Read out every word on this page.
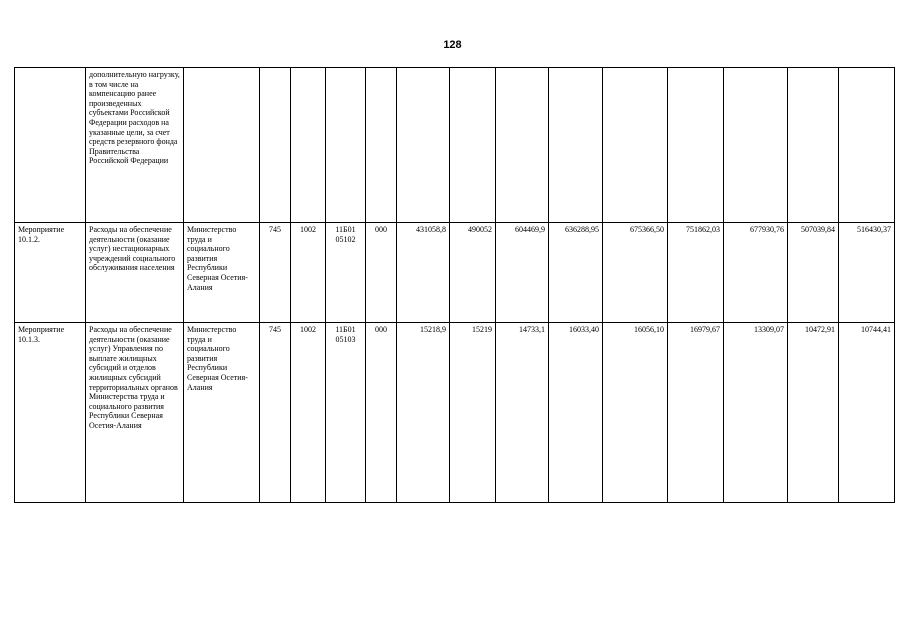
128
	дополнительную нагрузку, в том числе на компенсацию ранее произведенных субъектами Российской Федерации расходов на указанные цели, за счет средств резервного фонда Правительства Российской Федерации														
Мероприятие 10.1.2.	Расходы на обеспечение деятельности (оказание услуг) нестационарных учреждений социального обслуживания населения	Министерство труда и социального развития Республики Северная Осетия-Алания	745	1002	11Б01 05102	000	431058,8	490052	604469,9	636288,95	675366,50	751862,03	677930,76	507039,84	516430,37
Мероприятие 10.1.3.	Расходы на обеспечение деятельности (оказание услуг) Управления по выплате жилищных субсидий и отделов жилищных субсидий территориальных органов Министерства труда и социального развития Республики Северная Осетия-Алания	Министерство труда и социального развития Республики Северная Осетия-Алания	745	1002	11Б01 05103	000	15218,9	15219	14733,1	16033,40	16056,10	16979,67	13309,07	10472,91	10744,41
